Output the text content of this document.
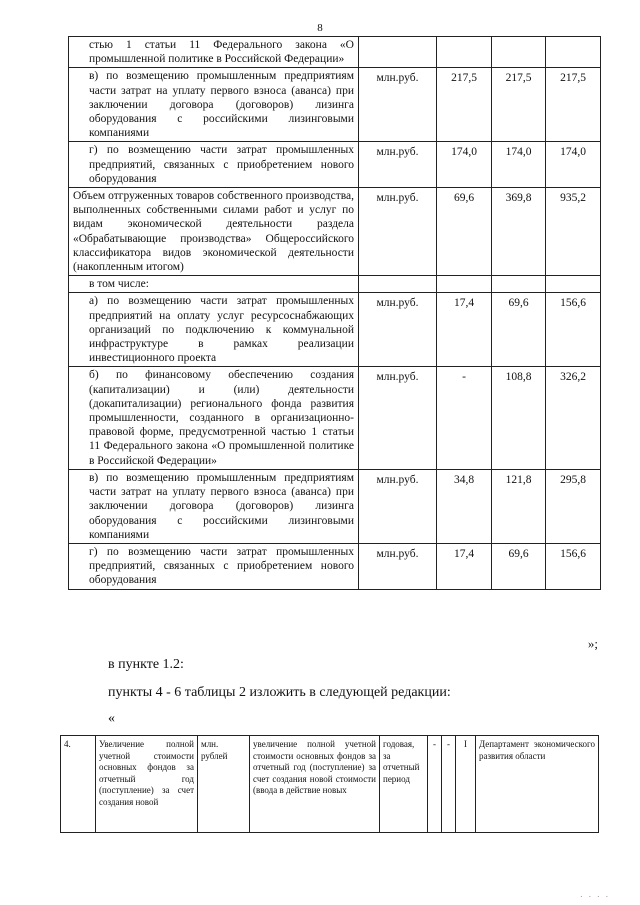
8
стью 1 статьи 11 Федерального закона «О промышленной политике в Российской Федерации»				
в) по возмещению промышленным предприятиям части затрат на уплату первого взноса (аванса) при заключении договора (договоров) лизинга оборудования с российскими лизинговыми компаниями	млн.руб.	217,5	217,5	217,5
г) по возмещению части затрат промышленных предприятий, связанных с приобретением нового оборудования	млн.руб.	174,0	174,0	174,0
Объем отгруженных товаров собственного производства, выполненных собственными силами работ и услуг по видам экономической деятельности раздела «Обрабатывающие производства» Общероссийского классификатора видов экономической деятельности (накопленным итогом)	млн.руб.	69,6	369,8	935,2
в том числе:				
а) по возмещению части затрат промышленных предприятий на оплату услуг ресурсоснабжающих организаций по подключению к коммунальной инфраструктуре в рамках реализации инвестиционного проекта	млн.руб.	17,4	69,6	156,6
б) по финансовому обеспечению создания (капитализации) и (или) деятельности (докапитализации) регионального фонда развития промышленности, созданного в организационно-правовой форме, предусмотренной частью 1 статьи 11 Федерального закона «О промышленной политике в Российской Федерации»	млн.руб.	-	108,8	326,2
в) по возмещению промышленным предприятиям части затрат на уплату первого взноса (аванса) при заключении договора (договоров) лизинга оборудования с российскими лизинговыми компаниями	млн.руб.	34,8	121,8	295,8
г) по возмещению части затрат промышленных предприятий, связанных с приобретением нового оборудования	млн.руб.	17,4	69,6	156,6
»;
в пункте 1.2:
пункты 4 - 6 таблицы 2 изложить в следующей редакции:
«
4.	Увеличение полной учетной стоимости основных фондов за отчетный год (поступление) за счет создания новой	млн. рублей	увеличение полной учетной стоимости основных фондов за отчетный год (поступление) за счет создания новой стоимости (ввода в действие новых	годовая, за отчетный период	-	-	I	Департамент экономического развития области
. . . .
